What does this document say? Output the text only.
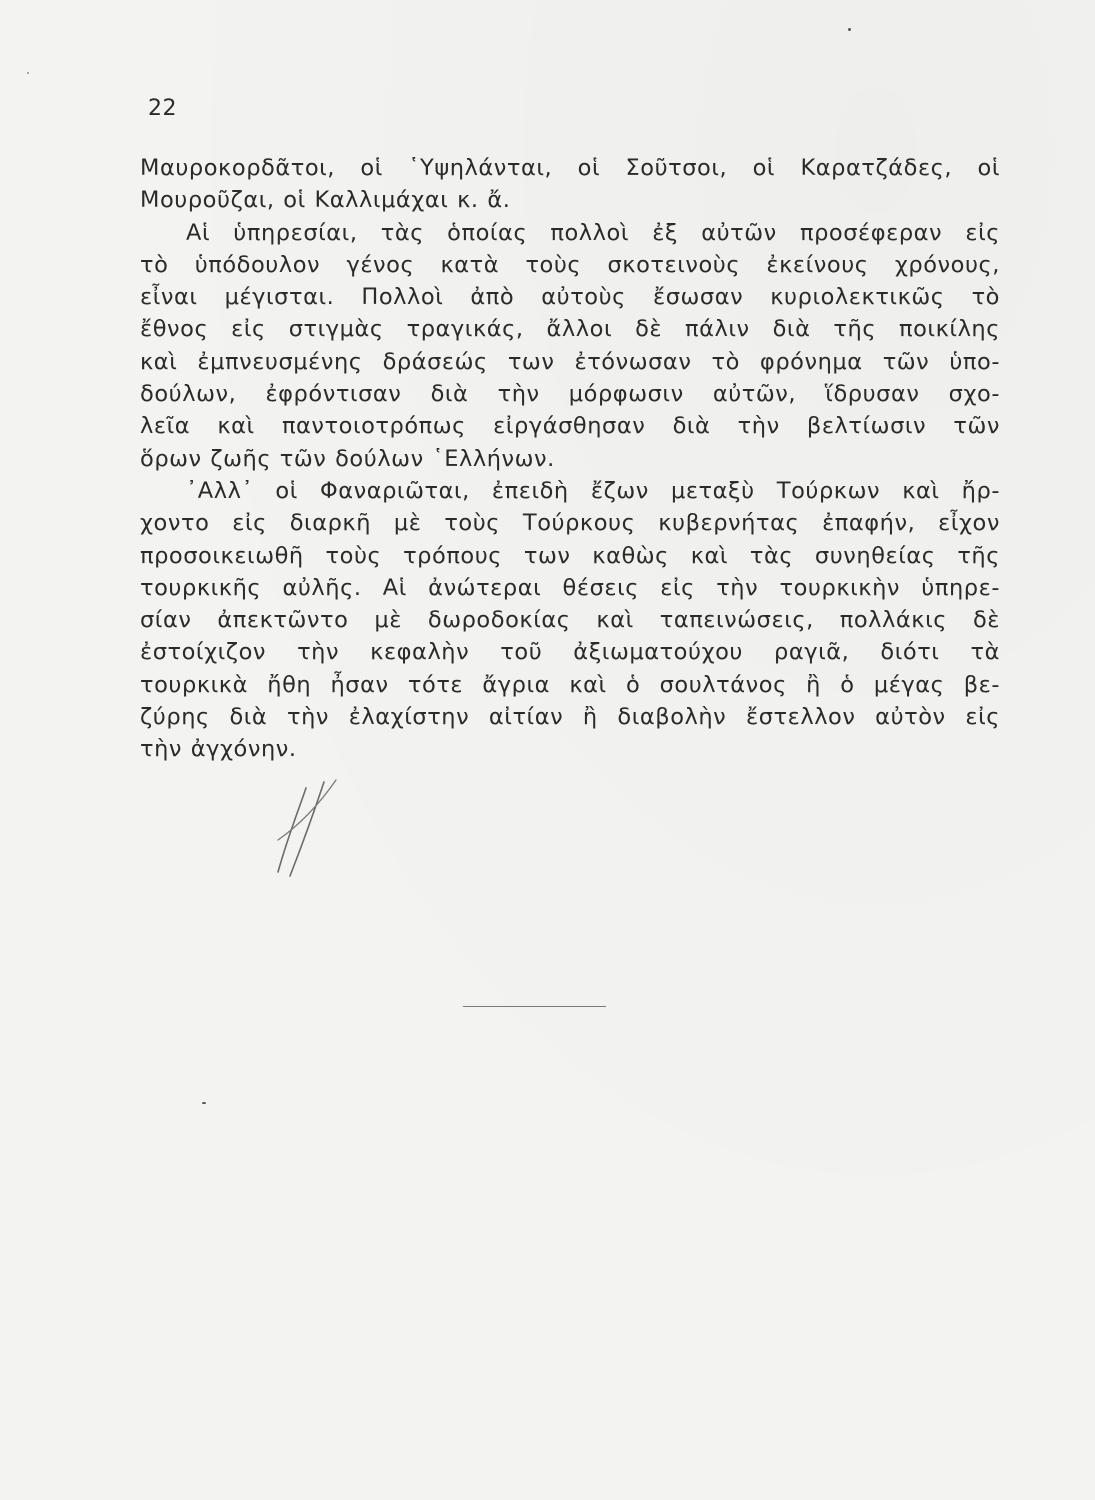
22
Μαυροκορδᾶτοι, οἱ ῾Υψηλάνται, οἱ Σοῦτσοι, οἱ Καρατζάδες, οἱ
Μουροῦζαι, οἱ Καλλιμάχαι κ. ἄ.
Αἱ ὑπηρεσίαι, τὰς ὁποίας πολλοὶ ἐξ αὐτῶν προσέφεραν εἰς
τὸ ὑπόδουλον γένος κατὰ τοὺς σκοτεινοὺς ἐκείνους χρόνους,
εἶναι μέγισται. Πολλοὶ ἀπὸ αὐτοὺς ἔσωσαν κυριολεκτικῶς τὸ
ἔθνος εἰς στιγμὰς τραγικάς, ἄλλοι δὲ πάλιν διὰ τῆς ποικίλης
καὶ ἐμπνευσμένης δράσεώς των ἐτόνωσαν τὸ φρόνημα τῶν ὑπο-
δούλων, ἐφρόντισαν διὰ τὴν μόρφωσιν αὐτῶν, ἵδρυσαν σχο-
λεῖα καὶ παντοιοτρόπως εἰργάσθησαν διὰ τὴν βελτίωσιν τῶν
ὅρων ζωῆς τῶν δούλων ῾Ελλήνων.
᾿Αλλ᾿ οἱ Φαναριῶται, ἐπειδὴ ἔζων μεταξὺ Τούρκων καὶ ἤρ-
χοντο εἰς διαρκῆ μὲ τοὺς Τούρκους κυβερνήτας ἐπαφήν, εἶχον
προσοικειωθῆ τοὺς τρόπους των καθὼς καὶ τὰς συνηθείας τῆς
τουρκικῆς αὐλῆς. Αἱ ἀνώτεραι θέσεις εἰς τὴν τουρκικὴν ὑπηρε-
σίαν ἀπεκτῶντο μὲ δωροδοκίας καὶ ταπεινώσεις, πολλάκις δὲ
ἐστοίχιζον τὴν κεφαλὴν τοῦ ἀξιωματούχου ραγιᾶ, διότι τὰ
τουρκικὰ ἤθη ἦσαν τότε ἄγρια καὶ ὁ σουλτάνος ἢ ὁ μέγας βε-
ζύρης διὰ τὴν ἐλαχίστην αἰτίαν ἢ διαβολὴν ἔστελλον αὐτὸν εἰς
τὴν ἀγχόνην.
